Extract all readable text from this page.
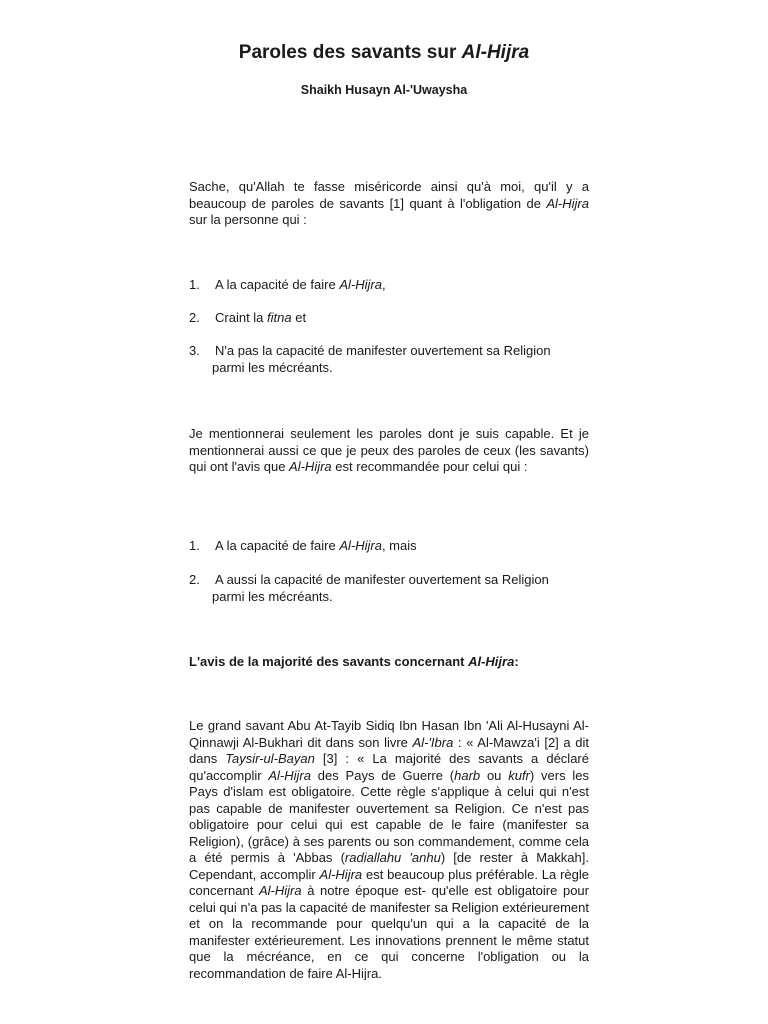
Paroles des savants sur Al-Hijra

Shaikh Husayn Al-'Uwaysha

Sache, qu'Allah te fasse miséricorde ainsi qu'à moi, qu'il y a beaucoup de paroles de savants [1] quant à l'obligation de Al-Hijra sur la personne qui :

1. A la capacité de faire Al-Hijra,
2. Craint la fitna et
3. N'a pas la capacité de manifester ouvertement sa Religion
parmi les mécréants.

Je mentionnerai seulement les paroles dont je suis capable. Et je mentionnerai aussi ce que je peux des paroles de ceux (les savants) qui ont l'avis que Al-Hijra est recommandée pour celui qui :

1. A la capacité de faire Al-Hijra, mais
2. A aussi la capacité de manifester ouvertement sa Religion
parmi les mécréants.
L'avis de la majorité des savants concernant Al-Hijra:

Le grand savant Abu At-Tayib Sidiq Ibn Hasan Ibn 'Ali Al-Husayni Al-Qinnawji Al-Bukhari dit dans son livre Al-'Ibra : « Al-Mawza'i [2] a dit dans Taysir-ul-Bayan [3] : « La majorité des savants a déclaré qu'accomplir Al-Hijra des Pays de Guerre (harb ou kufr) vers les Pays d'islam est obligatoire. Cette règle s'applique à celui qui n'est pas capable de manifester ouvertement sa Religion. Ce n'est pas obligatoire pour celui qui est capable de le faire (manifester sa Religion), (grâce) à ses parents ou son commandement, comme cela a été permis à 'Abbas (radiallahu 'anhu) [de rester à Makkah]. Cependant, accomplir Al-Hijra est beaucoup plus préférable. La règle concernant Al-Hijra à notre époque est- qu'elle est obligatoire pour celui qui n'a pas la capacité de manifester sa Religion extérieurement et on la recommande pour quelqu'un qui a la capacité de la manifester extérieurement. Les innovations prennent le même statut que la mécréance, en ce qui concerne l'obligation ou la recommandation de faire Al-Hijra.
